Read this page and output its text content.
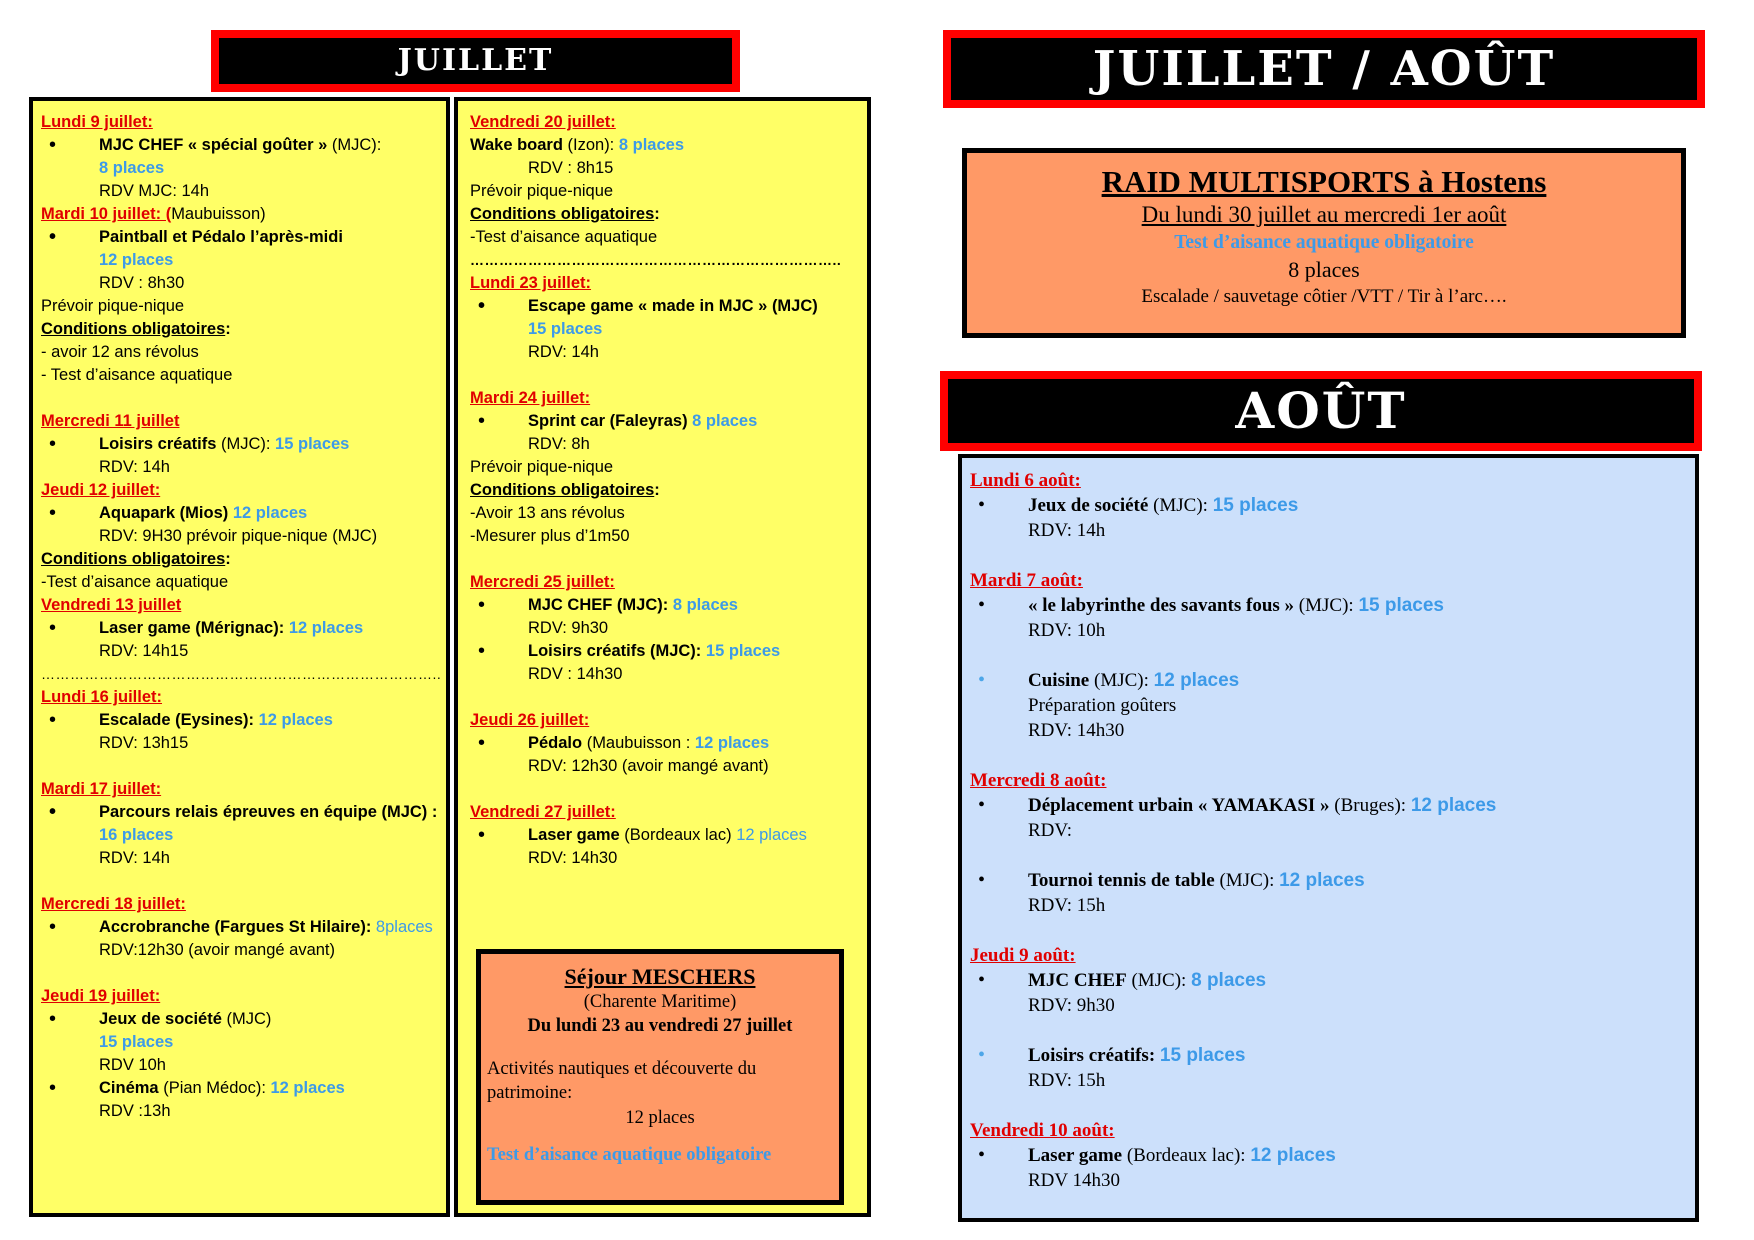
JUILLET	JUILLET / AOÛT
AOÛT
Lundi 9 juillet:
• MJC CHEF « spécial goûter » (MJC):
8 places
RDV MJC: 14h
Mardi 10 juillet: (Maubuisson)
• Paintball et Pédalo l’après-midi
12 places
RDV : 8h30
Prévoir pique-nique
Conditions obligatoires:
- avoir 12 ans révolus
- Test d’aisance aquatique
Mercredi 11 juillet
• Loisirs créatifs (MJC): 15 places
RDV: 14h
Jeudi 12 juillet:
• Aquapark (Mios) 12 places
RDV: 9H30 prévoir pique-nique (MJC)
Conditions obligatoires:
-Test d’aisance aquatique
Vendredi 13 juillet
• Laser game (Mérignac): 12 places
RDV: 14h15
………………………………………………………………………..
Lundi 16 juillet:
• Escalade (Eysines): 12 places
RDV: 13h15
Mardi 17 juillet:
• Parcours relais épreuves en équipe (MJC) :
16 places
RDV: 14h
Mercredi 18 juillet:
• Accrobranche (Fargues St Hilaire): 8places
RDV:12h30 (avoir mangé avant)
Jeudi 19 juillet:
• Jeux de société (MJC)
15 places
RDV 10h
• Cinéma (Pian Médoc): 12 places
RDV :13h
Vendredi 20 juillet:
Wake board (Izon): 8 places
RDV : 8h15
Prévoir pique-nique
Conditions obligatoires:
-Test d’aisance aquatique
…………………………………………………………………..
Lundi 23 juillet:
• Escape game « made in MJC » (MJC)
15 places
RDV: 14h
Mardi 24 juillet:
• Sprint car (Faleyras) 8 places
RDV: 8h
Prévoir pique-nique
Conditions obligatoires:
-Avoir 13 ans révolus
-Mesurer plus d’1m50
Mercredi 25 juillet:
• MJC CHEF (MJC): 8 places
RDV: 9h30
• Loisirs créatifs (MJC): 15 places
RDV : 14h30
Jeudi 26 juillet:
• Pédalo (Maubuisson : 12 places
RDV: 12h30 (avoir mangé avant)
Vendredi 27 juillet:
• Laser game (Bordeaux lac) 12 places
RDV: 14h30
Séjour MESCHERS
(Charente Maritime)
Du lundi 23 au vendredi 27 juillet
Activités nautiques et découverte du
patrimoine:
12 places
Test d’aisance aquatique obligatoire
RAID MULTISPORTS à Hostens
Du lundi 30 juillet au mercredi 1er août
Test d’aisance aquatique obligatoire
8 places
Escalade / sauvetage côtier /VTT / Tir à l’arc….
Lundi 6 août:
• Jeux de société (MJC): 15 places
RDV: 14h
Mardi 7 août:
• « le labyrinthe des savants fous » (MJC): 15 places
RDV: 10h
• Cuisine (MJC): 12 places
Préparation goûters
RDV: 14h30
Mercredi 8 août:
• Déplacement urbain « YAMAKASI » (Bruges): 12 places
RDV:
• Tournoi tennis de table (MJC): 12 places
RDV: 15h
Jeudi 9 août:
• MJC CHEF (MJC): 8 places
RDV: 9h30
• Loisirs créatifs: 15 places
RDV: 15h
Vendredi 10 août:
• Laser game (Bordeaux lac): 12 places
RDV 14h30
